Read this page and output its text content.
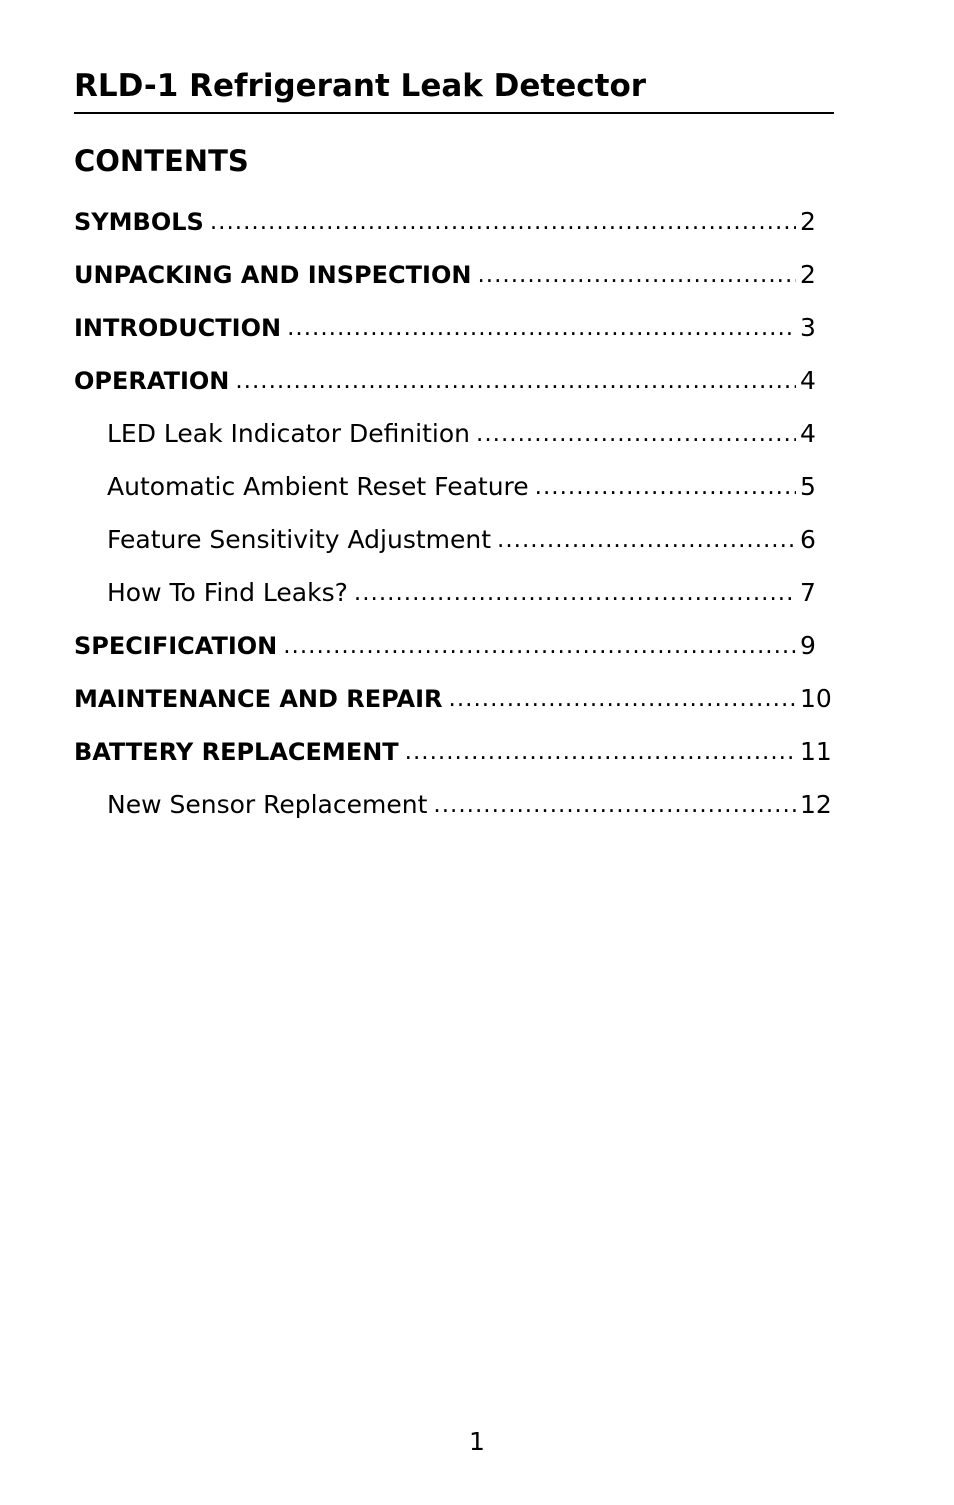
RLD-1 Refrigerant Leak Detector
CONTENTS
SYMBOLS .....	2
UNPACKING AND INSPECTION .....	2
INTRODUCTION .....	3
OPERATION .....	4
LED Leak Indicator Definition .....	4
Automatic Ambient Reset Feature .....	5
Feature Sensitivity Adjustment .....	6
How To Find Leaks? .....	7
SPECIFICATION .....	9
MAINTENANCE AND REPAIR .....	10
BATTERY REPLACEMENT .....	11
New Sensor Replacement .....	12
1
